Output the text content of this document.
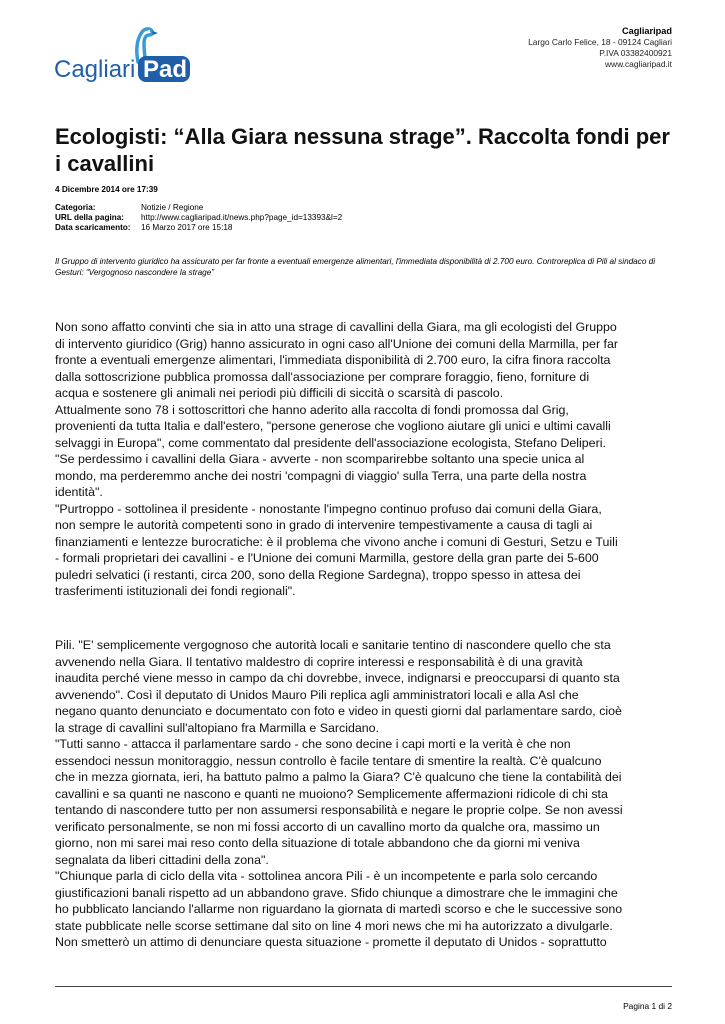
Cagliari Pad
Cagliaripad
Largo Carlo Felice, 18 - 09124 Cagliari
P.IVA 03382400921
www.cagliaripad.it
Ecologisti: “Alla Giara nessuna strage”. Raccolta fondi per i cavallini
4 Dicembre 2014 ore 17:39
Categoria:	Notizie / Regione
URL della pagina:	http://www.cagliaripad.it/news.php?page_id=13393&l=2
Data scaricamento:	16 Marzo 2017 ore 15:18

Il Gruppo di intervento giuridico ha assicurato per far fronte a eventuali emergenze alimentari, l'immediata disponibilità di 2.700 euro. Controreplica di Pili al sindaco di Gesturi: “Vergognoso nascondere la strage”

Non sono affatto convinti che sia in atto una strage di cavallini della Giara, ma gli ecologisti del Gruppo
di intervento giuridico (Grig) hanno assicurato in ogni caso all'Unione dei comuni della Marmilla, per far
fronte a eventuali emergenze alimentari, l'immediata disponibilità di 2.700 euro, la cifra finora raccolta
dalla sottoscrizione pubblica promossa dall'associazione per comprare foraggio, fieno, forniture di
acqua e sostenere gli animali nei periodi più difficili di siccità o scarsità di pascolo.
Attualmente sono 78 i sottoscrittori che hanno aderito alla raccolta di fondi promossa dal Grig,
provenienti da tutta Italia e dall'estero, "persone generose che vogliono aiutare gli unici e ultimi cavalli
selvaggi in Europa", come commentato dal presidente dell'associazione ecologista, Stefano Deliperi.
"Se perdessimo i cavallini della Giara - avverte - non scomparirebbe soltanto una specie unica al
mondo, ma perderemmo anche dei nostri 'compagni di viaggio' sulla Terra, una parte della nostra
identità".
"Purtroppo - sottolinea il presidente - nonostante l'impegno continuo profuso dai comuni della Giara,
non sempre le autorità competenti sono in grado di intervenire tempestivamente a causa di tagli ai
finanziamenti e lentezze burocratiche: è il problema che vivono anche i comuni di Gesturi, Setzu e Tuili
- formali proprietari dei cavallini - e l'Unione dei comuni Marmilla, gestore della gran parte dei 5-600
puledri selvatici (i restanti, circa 200, sono della Regione Sardegna), troppo spesso in attesa dei
trasferimenti istituzionali dei fondi regionali".

Pili. "E' semplicemente vergognoso che autorità locali e sanitarie tentino di nascondere quello che sta
avvenendo nella Giara. Il tentativo maldestro di coprire interessi e responsabilità è di una gravità
inaudita perché viene messo in campo da chi dovrebbe, invece, indignarsi e preoccuparsi di quanto sta
avvenendo". Così il deputato di Unidos Mauro Pili replica agli amministratori locali e alla Asl che
negano quanto denunciato e documentato con foto e video in questi giorni dal parlamentare sardo, cioè
la strage di cavallini sull'altopiano fra Marmilla e Sarcidano.
"Tutti sanno - attacca il parlamentare sardo - che sono decine i capi morti e la verità è che non
essendoci nessun monitoraggio, nessun controllo è facile tentare di smentire la realtà. C'è qualcuno
che in mezza giornata, ieri, ha battuto palmo a palmo la Giara? C'è qualcuno che tiene la contabilità dei
cavallini e sa quanti ne nascono e quanti ne muoiono? Semplicemente affermazioni ridicole di chi sta
tentando di nascondere tutto per non assumersi responsabilità e negare le proprie colpe. Se non avessi
verificato personalmente, se non mi fossi accorto di un cavallino morto da qualche ora, massimo un
giorno, non mi sarei mai reso conto della situazione di totale abbandono che da giorni mi veniva
segnalata da liberi cittadini della zona".
"Chiunque parla di ciclo della vita - sottolinea ancora Pili - è un incompetente e parla solo cercando
giustificazioni banali rispetto ad un abbandono grave. Sfido chiunque a dimostrare che le immagini che
ho pubblicato lanciando l'allarme non riguardano la giornata di martedì scorso e che le successive sono
state pubblicate nelle scorse settimane dal sito on line 4 mori news che mi ha autorizzato a divulgarle.
Non smetterò un attimo di denunciare questa situazione - promette il deputato di Unidos - soprattutto

Pagina 1 di 2
